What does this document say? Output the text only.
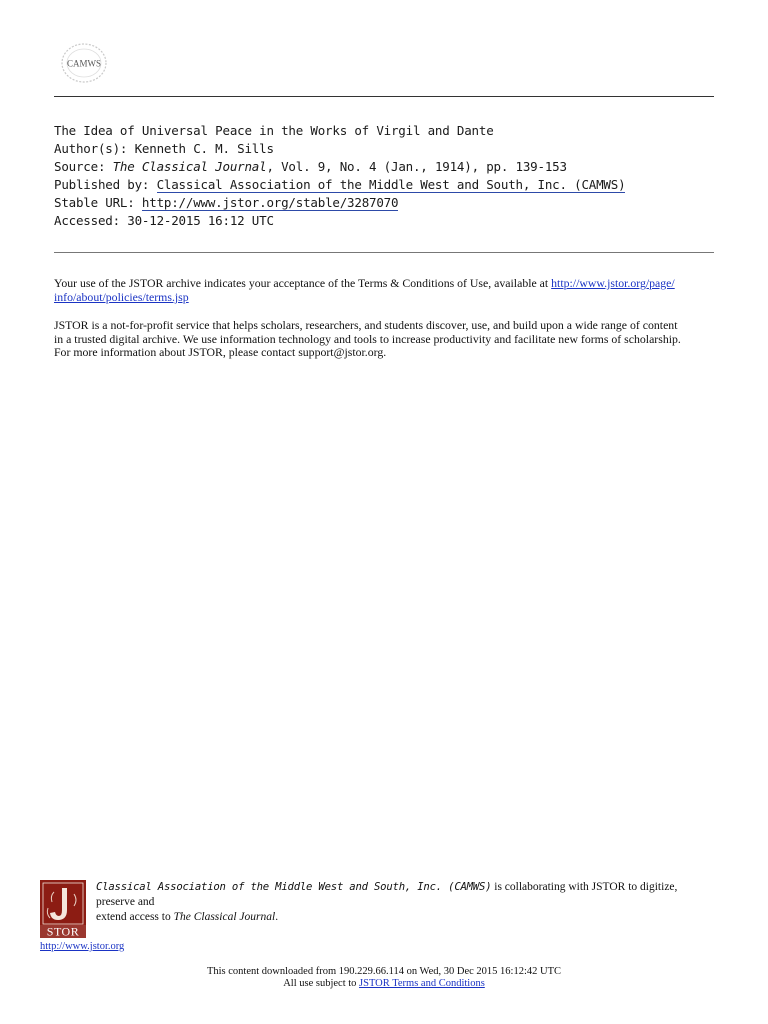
CAMWS
The Idea of Universal Peace in the Works of Virgil and Dante
Author(s): Kenneth C. M. Sills
Source: The Classical Journal, Vol. 9, No. 4 (Jan., 1914), pp. 139-153
Published by: Classical Association of the Middle West and South, Inc. (CAMWS)
Stable URL: http://www.jstor.org/stable/3287070
Accessed: 30-12-2015 16:12 UTC
Your use of the JSTOR archive indicates your acceptance of the Terms & Conditions of Use, available at http://www.jstor.org/page/
info/about/policies/terms.jsp
JSTOR is a not-for-profit service that helps scholars, researchers, and students discover, use, and build upon a wide range of content
in a trusted digital archive. We use information technology and tools to increase productivity and facilitate new forms of scholarship.
For more information about JSTOR, please contact support@jstor.org.
STOR
http://www.jstor.org
Classical Association of the Middle West and South, Inc. (CAMWS) is collaborating with JSTOR to digitize, preserve and
extend access to The Classical Journal.
This content downloaded from 190.229.66.114 on Wed, 30 Dec 2015 16:12:42 UTC
All use subject to JSTOR Terms and Conditions
